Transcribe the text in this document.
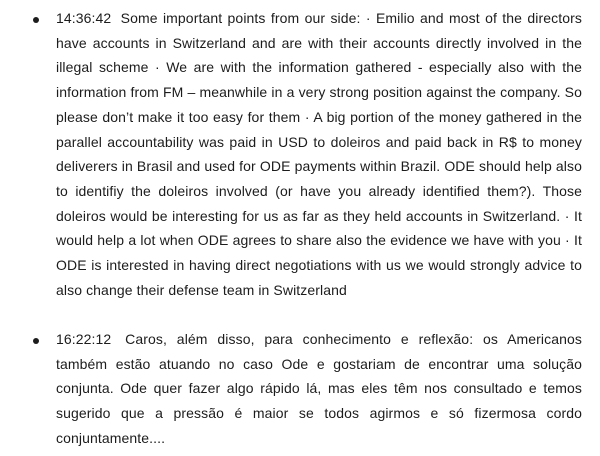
14:36:42 Some important points from our side: · Emilio and most of the directors have accounts in Switzerland and are with their accounts directly involved in the illegal scheme · We are with the information gathered - especially also with the information from FM – meanwhile in a very strong position against the company. So please don’t make it too easy for them · A big portion of the money gathered in the parallel accountability was paid in USD to doleiros and paid back in R$ to money deliverers in Brasil and used for ODE payments within Brazil. ODE should help also to identifiy the doleiros involved (or have you already identified them?). Those doleiros would be interesting for us as far as they held accounts in Switzerland. · It would help a lot when ODE agrees to share also the evidence we have with you · It ODE is interested in having direct negotiations with us we would strongly advice to also change their defense team in Switzerland
16:22:12 Caros, além disso, para conhecimento e reflexão: os Americanos também estão atuando no caso Ode e gostariam de encontrar uma solução conjunta. Ode quer fazer algo rápido lá, mas eles têm nos consultado e temos sugerido que a pressão é maior se todos agirmos e só fizermosa cordo conjuntamente....
